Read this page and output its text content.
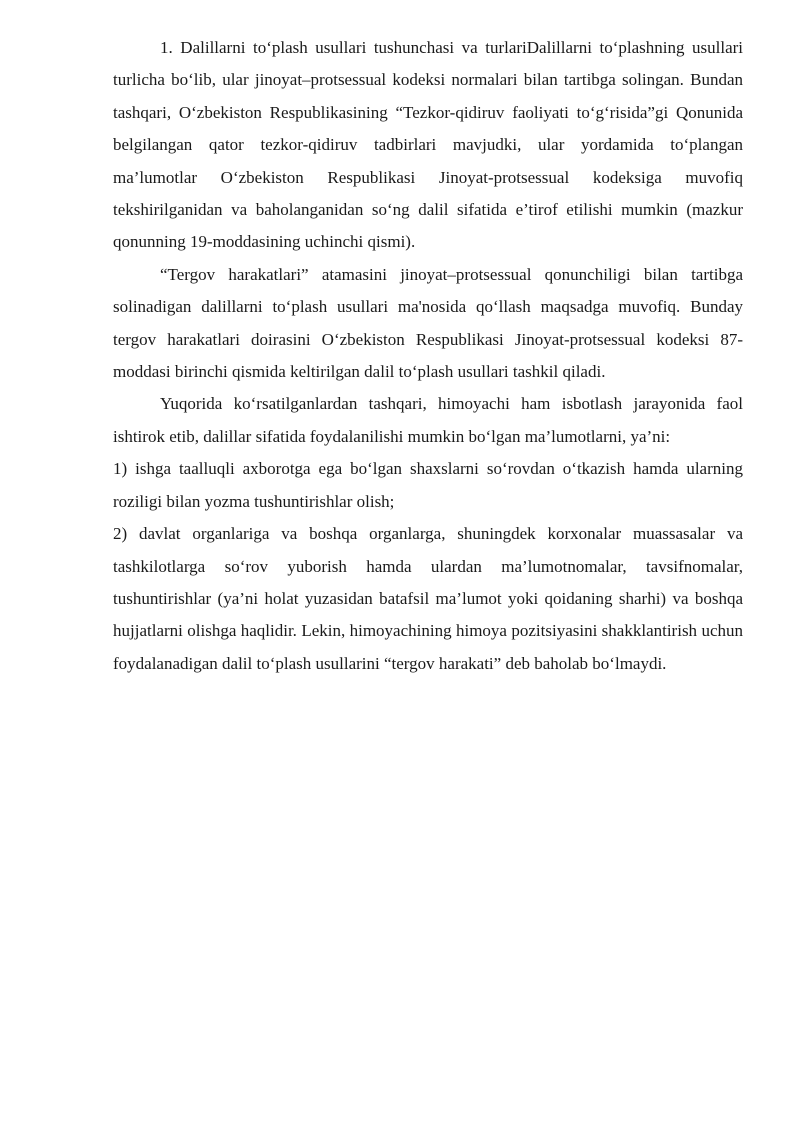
1. Dalillarni to‘plash usullari tushunchasi va turlariDalillarni to‘plashning usullari turlicha bo‘lib, ular jinoyat–protsessual kodeksi normalari bilan tartibga solingan. Bundan tashqari, O‘zbekiston Respublikasining “Tezkor-qidiruv faoliyati to‘g‘risida”gi Qonunida belgilangan qator tezkor-qidiruv tadbirlari mavjudki, ular yordamida to‘plangan ma’lumotlar O‘zbekiston Respublikasi Jinoyat-protsessual kodeksiga muvofiq tekshirilganidan va baholanganidan so‘ng dalil sifatida e’tirof etilishi mumkin (mazkur qonunning 19-moddasining uchinchi qismi).

“Tergov harakatlari” atamasini jinoyat–protsessual qonunchiligi bilan tartibga solinadigan dalillarni to‘plash usullari ma'nosida qo‘llash maqsadga muvofiq. Bunday tergov harakatlari doirasini O‘zbekiston Respublikasi Jinoyat-protsessual kodeksi 87-moddasi birinchi qismida keltirilgan dalil to‘plash usullari tashkil qiladi.

Yuqorida ko‘rsatilganlardan tashqari, himoyachi ham isbotlash jarayonida faol ishtirok etib, dalillar sifatida foydalanilishi mumkin bo‘lgan ma’lumotlarni, ya’ni:

1) ishga taalluqli axborotga ega bo‘lgan shaxslarni so‘rovdan o‘tkazish hamda ularning roziligi bilan yozma tushuntirishlar olish;

2) davlat organlariga va boshqa organlarga, shuningdek korxonalar muassasalar va tashkilotlarga so‘rov yuborish hamda ulardan ma’lumotnomalar, tavsifnomalar, tushuntirishlar (ya’ni holat yuzasidan batafsil ma’lumot yoki qoidaning sharhi) va boshqa hujjatlarni olishga haqlidir. Lekin, himoyachining himoya pozitsiyasini shakklantirish uchun foydalanadigan dalil to‘plash usullarini “tergov harakati” deb baholab bo‘lmaydi.
